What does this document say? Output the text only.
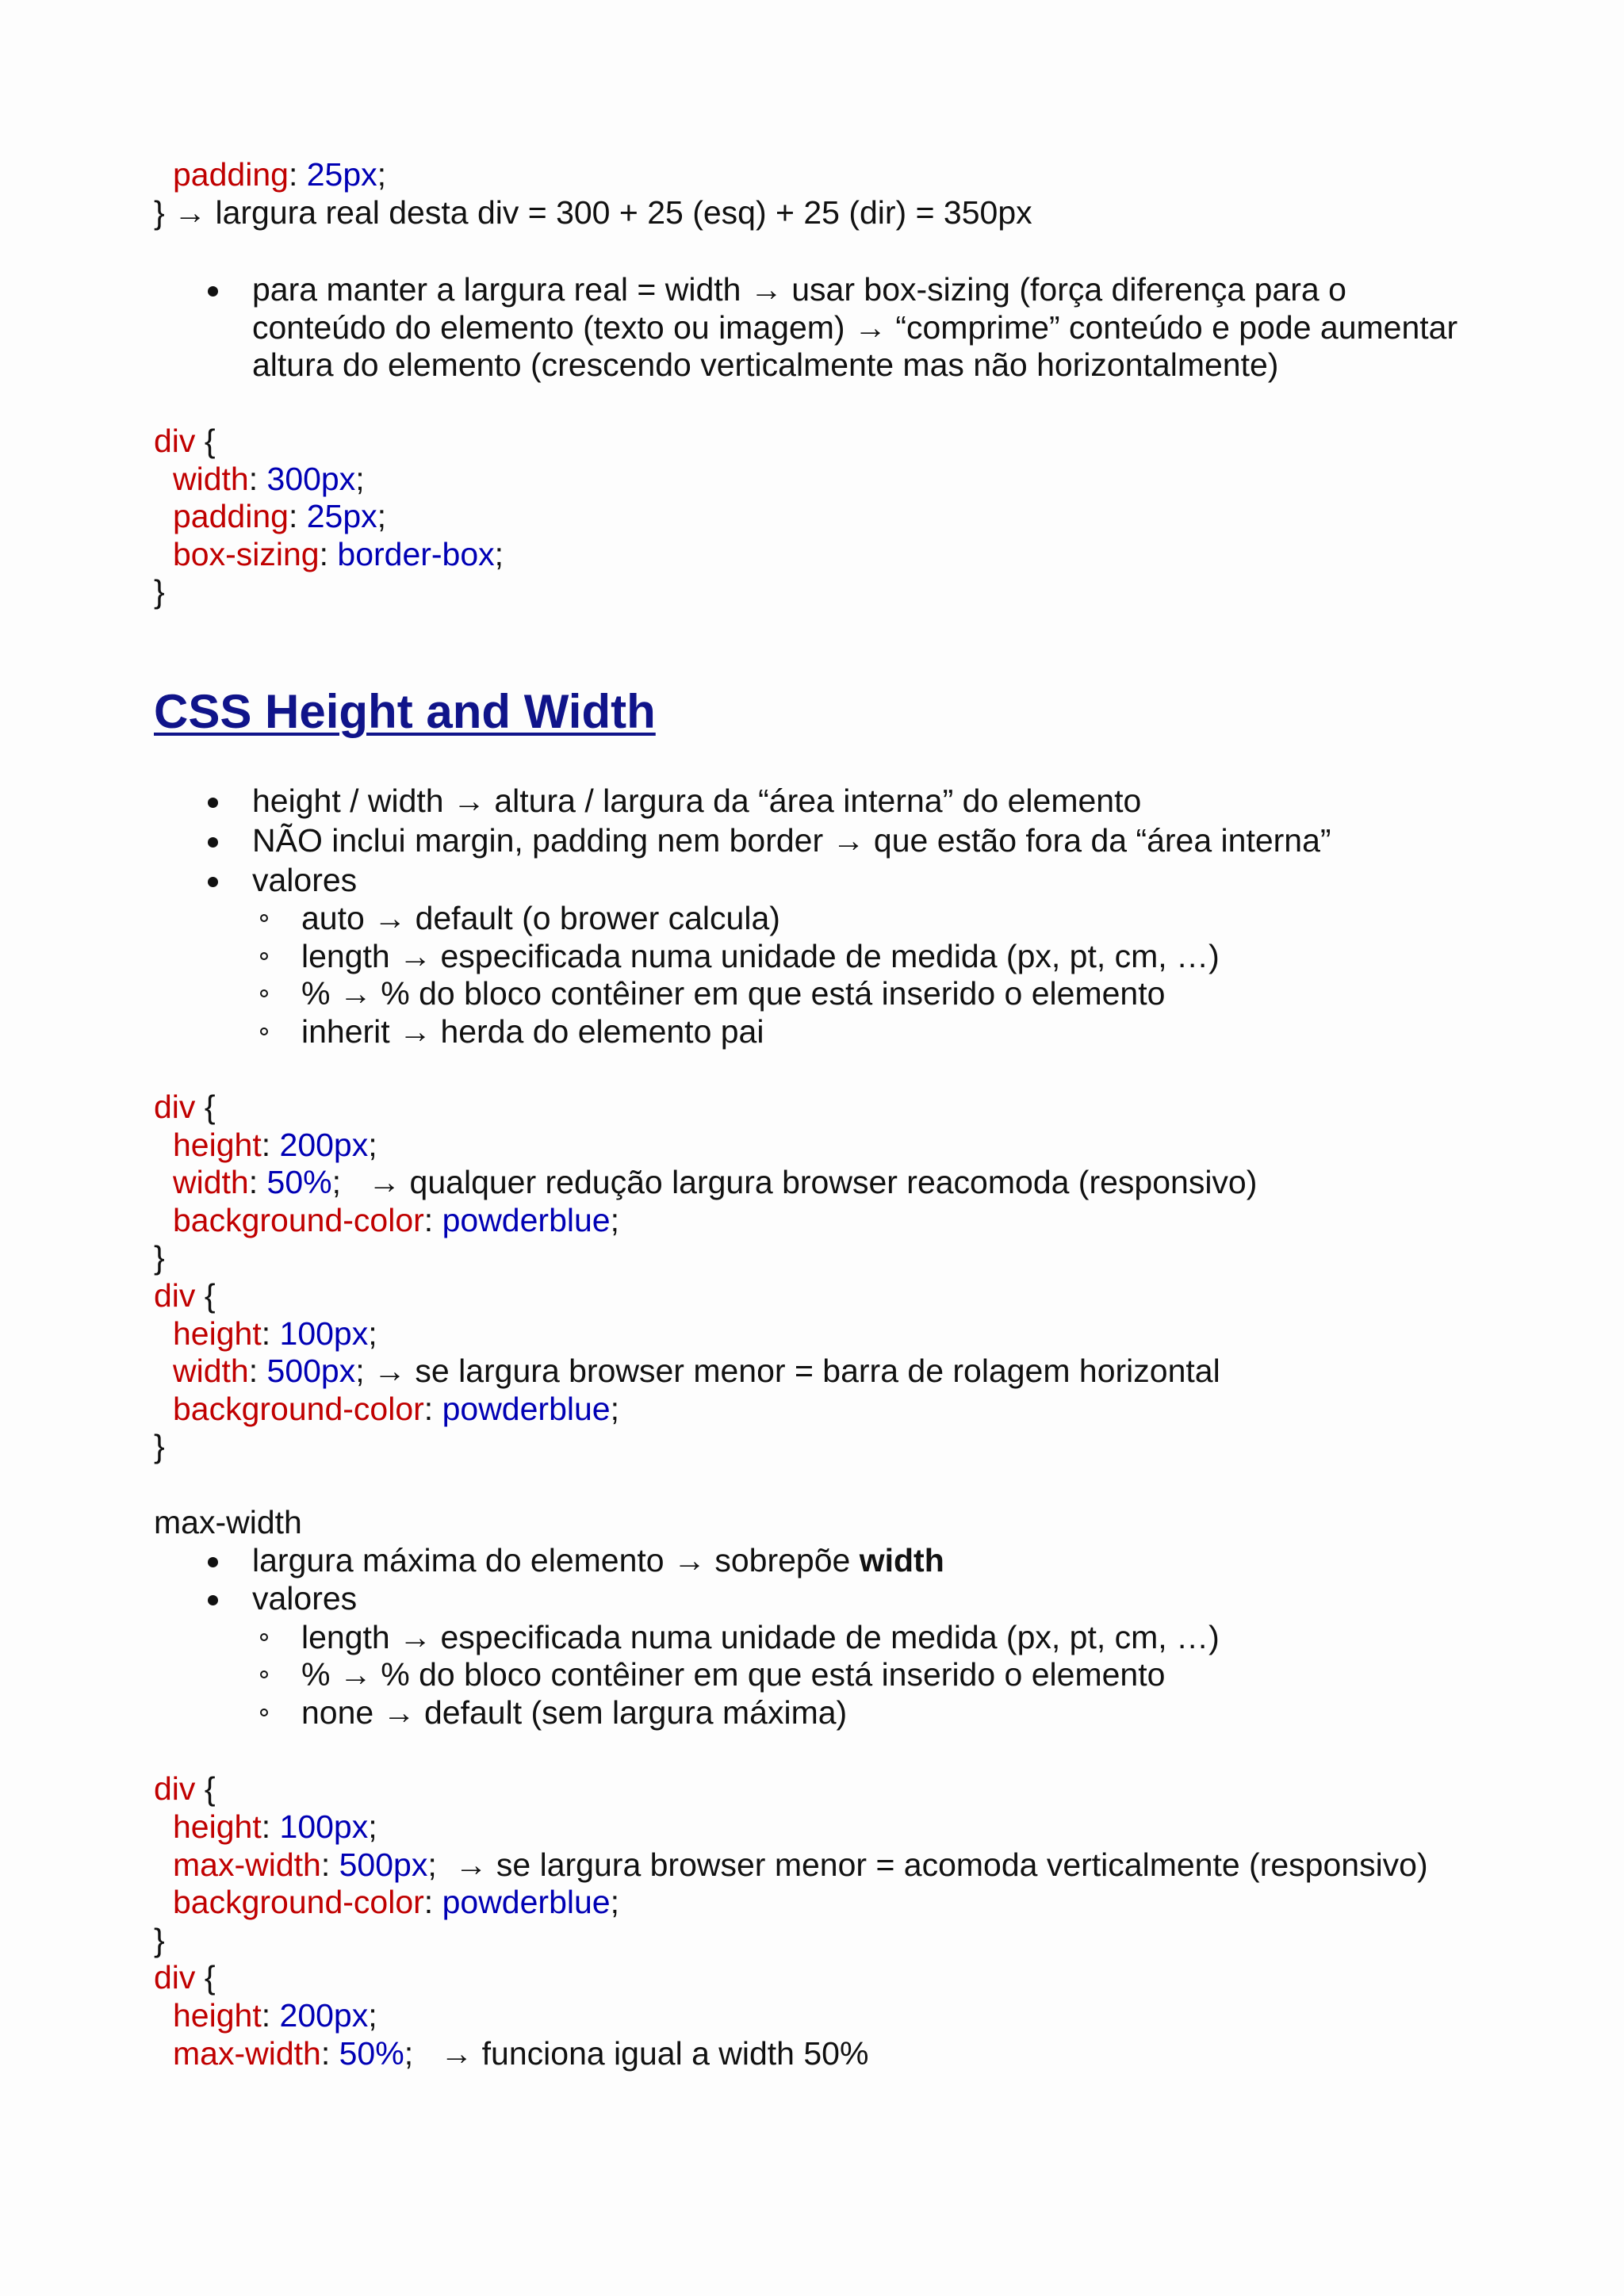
padding: 25px;
} → largura real desta div = 300 + 25 (esq) + 25 (dir) = 350px
para manter a largura real = width → usar box-sizing (força diferença para o
conteúdo do elemento (texto ou imagem) → “comprime” conteúdo e pode aumentar
altura do elemento (crescendo verticalmente mas não horizontalmente)
div {
width: 300px;
padding: 25px;
box-sizing: border-box;
}
CSS Height and Width
height / width → altura / largura da “área interna” do elemento
NÃO inclui margin, padding nem border → que estão fora da “área interna”
valores
auto → default (o brower calcula)
length → especificada numa unidade de medida (px, pt, cm, …)
% → % do bloco contêiner em que está inserido o elemento
inherit → herda do elemento pai
div {
height: 200px;
width: 50%;   → qualquer redução largura browser reacomoda (responsivo)
background-color: powderblue;
}
div {
height: 100px;
width: 500px; → se largura browser menor = barra de rolagem horizontal
background-color: powderblue;
}
max-width
largura máxima do elemento → sobrepõe width
valores
length → especificada numa unidade de medida (px, pt, cm, …)
% → % do bloco contêiner em que está inserido o elemento
none → default (sem largura máxima)
div {
height: 100px;
max-width: 500px;  → se largura browser menor = acomoda verticalmente (responsivo)
background-color: powderblue;
}
div {
height: 200px;
max-width: 50%;   → funciona igual a width 50%
